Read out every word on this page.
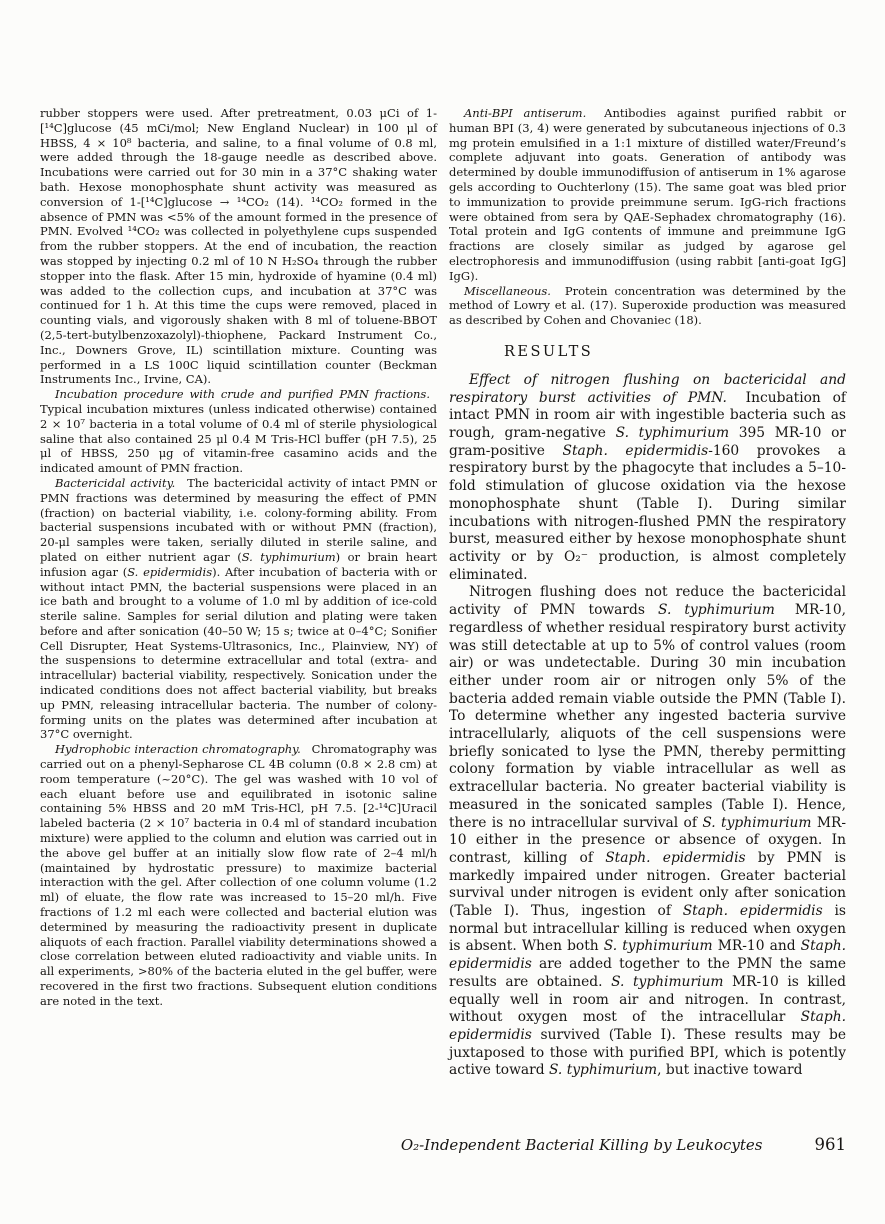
rubber stoppers were used. After pretreatment, 0.03 μCi of 1-[¹⁴C]glucose (45 mCi/mol; New England Nuclear) in 100 μl of HBSS, 4 × 10⁸ bacteria, and saline, to a final volume of 0.8 ml, were added through the 18-gauge needle as described above. Incubations were carried out for 30 min in a 37°C shaking water bath. Hexose monophosphate shunt activity was measured as conversion of 1-[¹⁴C]glucose → ¹⁴CO₂ (14). ¹⁴CO₂ formed in the absence of PMN was <5% of the amount formed in the presence of PMN. Evolved ¹⁴CO₂ was collected in polyethylene cups suspended from the rubber stoppers. At the end of incubation, the reaction was stopped by injecting 0.2 ml of 10 N H₂SO₄ through the rubber stopper into the flask. After 15 min, hydroxide of hyamine (0.4 ml) was added to the collection cups, and incubation at 37°C was continued for 1 h. At this time the cups were removed, placed in counting vials, and vigorously shaken with 8 ml of toluene-BBOT (2,5-tert-butylbenzoxazolyl)-thiophene, Packard Instrument Co., Inc., Downers Grove, IL) scintillation mixture. Counting was performed in a LS 100C liquid scintillation counter (Beckman Instruments Inc., Irvine, CA).

Incubation procedure with crude and purified PMN fractions. Typical incubation mixtures (unless indicated otherwise) contained 2 × 10⁷ bacteria in a total volume of 0.4 ml of sterile physiological saline that also contained 25 μl 0.4 M Tris-HCl buffer (pH 7.5), 25 μl of HBSS, 250 μg of vitamin-free casamino acids and the indicated amount of PMN fraction.

Bactericidal activity. The bactericidal activity of intact PMN or PMN fractions was determined by measuring the effect of PMN (fraction) on bacterial viability, i.e. colony-forming ability. From bacterial suspensions incubated with or without PMN (fraction), 20-μl samples were taken, serially diluted in sterile saline, and plated on either nutrient agar (S. typhimurium) or brain heart infusion agar (S. epidermidis). After incubation of bacteria with or without intact PMN, the bacterial suspensions were placed in an ice bath and brought to a volume of 1.0 ml by addition of ice-cold sterile saline. Samples for serial dilution and plating were taken before and after sonication (40–50 W; 15 s; twice at 0–4°C; Sonifier Cell Disrupter, Heat Systems-Ultrasonics, Inc., Plainview, NY) of the suspensions to determine extracellular and total (extra- and intracellular) bacterial viability, respectively. Sonication under the indicated conditions does not affect bacterial viability, but breaks up PMN, releasing intracellular bacteria. The number of colony-forming units on the plates was determined after incubation at 37°C overnight.

Hydrophobic interaction chromatography. Chromatography was carried out on a phenyl-Sepharose CL 4B column (0.8 × 2.8 cm) at room temperature (~20°C). The gel was washed with 10 vol of each eluant before use and equilibrated in isotonic saline containing 5% HBSS and 20 mM Tris-HCl, pH 7.5. [2-¹⁴C]Uracil labeled bacteria (2 × 10⁷ bacteria in 0.4 ml of standard incubation mixture) were applied to the column and elution was carried out in the above gel buffer at an initially slow flow rate of 2–4 ml/h (maintained by hydrostatic pressure) to maximize bacterial interaction with the gel. After collection of one column volume (1.2 ml) of eluate, the flow rate was increased to 15–20 ml/h. Five fractions of 1.2 ml each were collected and bacterial elution was determined by measuring the radioactivity present in duplicate aliquots of each fraction. Parallel viability determinations showed a close correlation between eluted radioactivity and viable units. In all experiments, >80% of the bacteria eluted in the gel buffer, were recovered in the first two fractions. Subsequent elution conditions are noted in the text.

Anti-BPI antiserum. Antibodies against purified rabbit or human BPI (3, 4) were generated by subcutaneous injections of 0.3 mg protein emulsified in a 1:1 mixture of distilled water/Freund’s complete adjuvant into goats. Generation of antibody was determined by double immunodiffusion of antiserum in 1% agarose gels according to Ouchterlony (15). The same goat was bled prior to immunization to provide preimmune serum. IgG-rich fractions were obtained from sera by QAE-Sephadex chromatography (16). Total protein and IgG contents of immune and preimmune IgG fractions are closely similar as judged by agarose gel electrophoresis and immunodiffusion (using rabbit [anti-goat IgG] IgG).

Miscellaneous. Protein concentration was determined by the method of Lowry et al. (17). Superoxide production was measured as described by Cohen and Chovaniec (18).

RESULTS

Effect of nitrogen flushing on bactericidal and respiratory burst activities of PMN. Incubation of intact PMN in room air with ingestible bacteria such as rough, gram-negative S. typhimurium 395 MR-10 or gram-positive Staph. epidermidis-160 provokes a respiratory burst by the phagocyte that includes a 5–10-fold stimulation of glucose oxidation via the hexose monophosphate shunt (Table I). During similar incubations with nitrogen-flushed PMN the respiratory burst, measured either by hexose monophosphate shunt activity or by O₂⁻ production, is almost completely eliminated.

Nitrogen flushing does not reduce the bactericidal activity of PMN towards S. typhimurium MR-10, regardless of whether residual respiratory burst activity was still detectable at up to 5% of control values (room air) or was undetectable. During 30 min incubation either under room air or nitrogen only 5% of the bacteria added remain viable outside the PMN (Table I). To determine whether any ingested bacteria survive intracellularly, aliquots of the cell suspensions were briefly sonicated to lyse the PMN, thereby permitting colony formation by viable intracellular as well as extracellular bacteria. No greater bacterial viability is measured in the sonicated samples (Table I). Hence, there is no intracellular survival of S. typhimurium MR-10 either in the presence or absence of oxygen. In contrast, killing of Staph. epidermidis by PMN is markedly impaired under nitrogen. Greater bacterial survival under nitrogen is evident only after sonication (Table I). Thus, ingestion of Staph. epidermidis is normal but intracellular killing is reduced when oxygen is absent. When both S. typhimurium MR-10 and Staph. epidermidis are added together to the PMN the same results are obtained. S. typhimurium MR-10 is killed equally well in room air and nitrogen. In contrast, without oxygen most of the intracellular Staph. epidermidis survived (Table I). These results may be juxtaposed to those with purified BPI, which is potently active toward S. typhimurium, but inactive toward

O₂-Independent Bacterial Killing by Leukocytes	961
